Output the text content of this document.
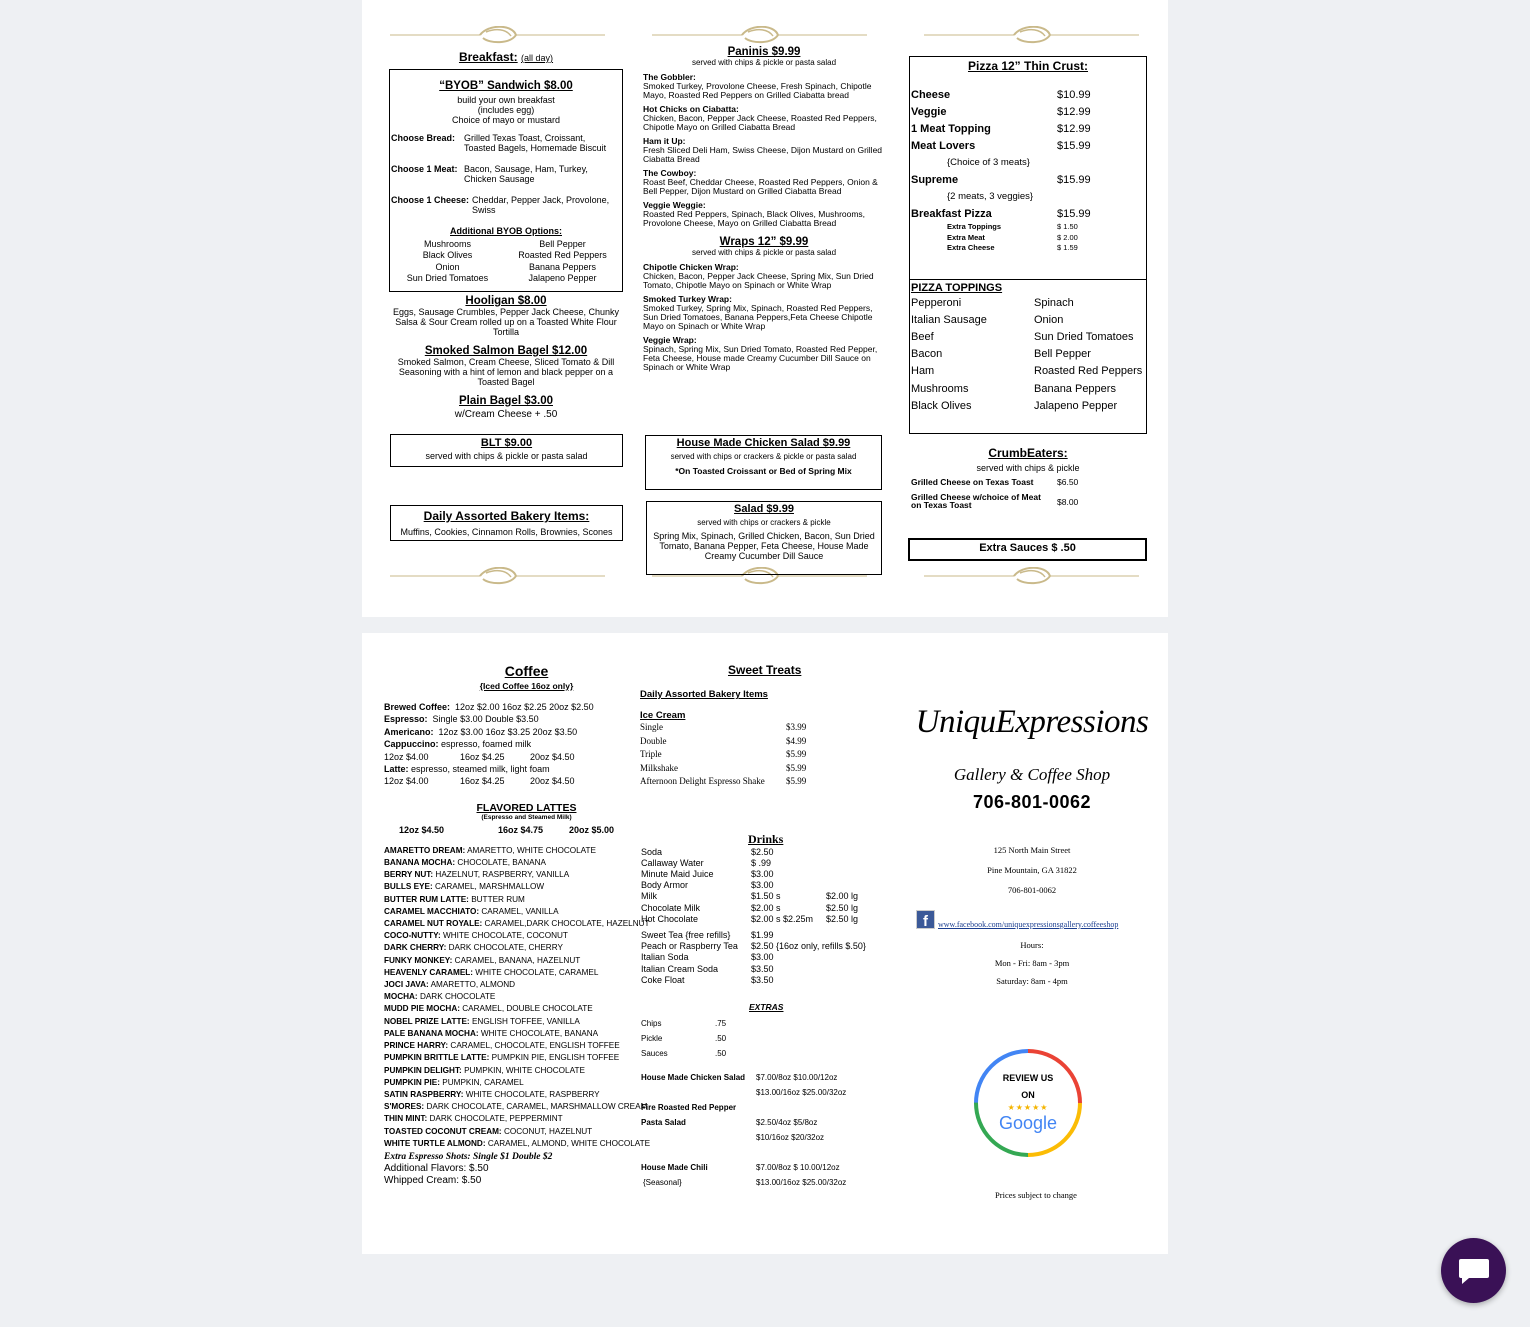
Breakfast: (all day)
“BYOB” Sandwich $8.00
build your own breakfast
(includes egg)
Choice of mayo or mustard
Choose Bread: Grilled Texas Toast, Croissant, Toasted Bagels, Homemade Biscuit
Choose 1 Meat: Bacon, Sausage, Ham, Turkey, Chicken Sausage
Choose 1 Cheese: Cheddar, Pepper Jack, Provolone, Swiss
Additional BYOB Options:
Mushrooms	Bell Pepper
Black Olives	Roasted Red Peppers
Onion	Banana Peppers
Sun Dried Tomatoes	Jalapeno Pepper
Hooligan $8.00
Eggs, Sausage Crumbles, Pepper Jack Cheese, Chunky Salsa & Sour Cream rolled up on a Toasted White Flour Tortilla
Smoked Salmon Bagel $12.00
Smoked Salmon, Cream Cheese, Sliced Tomato & Dill Seasoning with a hint of lemon and black pepper on a Toasted Bagel
Plain Bagel $3.00
w/Cream Cheese + .50
BLT $9.00
served with chips & pickle or pasta salad
Daily Assorted Bakery Items:
Muffins, Cookies, Cinnamon Rolls, Brownies, Scones
Paninis $9.99
served with chips & pickle or pasta salad
The Gobbler:
Smoked Turkey, Provolone Cheese, Fresh Spinach, Chipotle Mayo, Roasted Red Peppers on Grilled Ciabatta bread
Hot Chicks on Ciabatta:
Chicken, Bacon, Pepper Jack Cheese, Roasted Red Peppers, Chipotle Mayo on Grilled Ciabatta Bread
Ham it Up:
Fresh Sliced Deli Ham, Swiss Cheese, Dijon Mustard on Grilled Ciabatta Bread
The Cowboy:
Roast Beef, Cheddar Cheese, Roasted Red Peppers, Onion & Bell Pepper, Dijon Mustard on Grilled Ciabatta Bread
Veggie Weggie:
Roasted Red Peppers, Spinach, Black Olives, Mushrooms, Provolone Cheese, Mayo on Grilled Ciabatta Bread
Wraps 12” $9.99
served with chips & pickle or pasta salad
Chipotle Chicken Wrap:
Chicken, Bacon, Pepper Jack Cheese, Spring Mix, Sun Dried Tomato, Chipotle Mayo on Spinach or White Wrap
Smoked Turkey Wrap:
Smoked Turkey, Spring Mix, Spinach, Roasted Red Peppers, Sun Dried Tomatoes, Banana Peppers,Feta Cheese Chipotle Mayo on Spinach or White Wrap
Veggie Wrap:
Spinach, Spring Mix, Sun Dried Tomato, Roasted Red Pepper, Feta Cheese, House made Creamy Cucumber Dill Sauce on Spinach or White Wrap
House Made Chicken Salad $9.99
served with chips or crackers & pickle or pasta salad
*On Toasted Croissant or Bed of Spring Mix
Salad $9.99
served with chips or crackers & pickle
Spring Mix, Spinach, Grilled Chicken, Bacon, Sun Dried Tomato, Banana Pepper, Feta Cheese, House Made Creamy Cucumber Dill Sauce
Pizza 12” Thin Crust:
Cheese	$10.99
Veggie	$12.99
1 Meat Topping	$12.99
Meat Lovers	$15.99
{Choice of 3 meats}
Supreme	$15.99
{2 meats, 3 veggies}
Breakfast Pizza	$15.99
Extra Toppings	$ 1.50
Extra Meat	$ 2.00
Extra Cheese	$ 1.59
PIZZA TOPPINGS
Pepperoni	Spinach
Italian Sausage	Onion
Beef	Sun Dried Tomatoes
Bacon	Bell Pepper
Ham	Roasted Red Peppers
Mushrooms	Banana Peppers
Black Olives	Jalapeno Pepper
CrumbEaters:
served with chips & pickle
Grilled Cheese on Texas Toast	$6.50
Grilled Cheese w/choice of Meat
on Texas Toast	$8.00
Extra Sauces $ .50
Coffee
{Iced Coffee 16oz only}
Brewed Coffee: 12oz $2.00 16oz $2.25 20oz $2.50
Espresso: Single $3.00 Double $3.50
Americano: 12oz $3.00 16oz $3.25 20oz $3.50
Cappuccino: espresso, foamed milk
12oz $4.00	16oz $4.25	20oz $4.50
Latte: espresso, steamed milk, light foam
12oz $4.00	16oz $4.25	20oz $4.50
FLAVORED LATTES
(Espresso and Steamed Milk)
12oz $4.50	16oz $4.75	20oz $5.00
AMARETTO DREAM: AMARETTO, WHITE CHOCOLATE
BANANA MOCHA: CHOCOLATE, BANANA
BERRY NUT: HAZELNUT, RASPBERRY, VANILLA
BULLS EYE: CARAMEL, MARSHMALLOW
BUTTER RUM LATTE: BUTTER RUM
CARAMEL MACCHIATO: CARAMEL, VANILLA
CARAMEL NUT ROYALE: CARAMEL,DARK CHOCOLATE, HAZELNUT
COCO-NUTTY: WHITE CHOCOLATE, COCONUT
DARK CHERRY: DARK CHOCOLATE, CHERRY
FUNKY MONKEY: CARAMEL, BANANA, HAZELNUT
HEAVENLY CARAMEL: WHITE CHOCOLATE, CARAMEL
JOCI JAVA: AMARETTO, ALMOND
MOCHA: DARK CHOCOLATE
MUDD PIE MOCHA: CARAMEL, DOUBLE CHOCOLATE
NOBEL PRIZE LATTE: ENGLISH TOFFEE, VANILLA
PALE BANANA MOCHA: WHITE CHOCOLATE, BANANA
PRINCE HARRY: CARAMEL, CHOCOLATE, ENGLISH TOFFEE
PUMPKIN BRITTLE LATTE: PUMPKIN PIE, ENGLISH TOFFEE
PUMPKIN DELIGHT: PUMPKIN, WHITE CHOCOLATE
PUMPKIN PIE: PUMPKIN, CARAMEL
SATIN RASPBERRY: WHITE CHOCOLATE, RASPBERRY
S'MORES: DARK CHOCOLATE, CARAMEL, MARSHMALLOW CREAM
THIN MINT: DARK CHOCOLATE, PEPPERMINT
TOASTED COCONUT CREAM: COCONUT, HAZELNUT
WHITE TURTLE ALMOND: CARAMEL, ALMOND, WHITE CHOCOLATE
Extra Espresso Shots: Single $1 Double $2
Additional Flavors: $.50
Whipped Cream: $.50
Sweet Treats
Daily Assorted Bakery Items
Ice Cream
Single	$3.99
Double	$4.99
Triple	$5.99
Milkshake	$5.99
Afternoon Delight Espresso Shake	$5.99
Drinks
Soda	$2.50
Callaway Water	$ .99
Minute Maid Juice	$3.00
Body Armor	$3.00
Milk	$1.50 s	$2.00 lg
Chocolate Milk	$2.00 s	$2.50 lg
Hot Chocolate	$2.00 s $2.25m	$2.50 lg
Sweet Tea {free refills}	$1.99
Peach or Raspberry Tea	$2.50 {16oz only, refills $.50}
Italian Soda	$3.00
Italian Cream Soda	$3.50
Coke Float	$3.50
EXTRAS
Chips	.75
Pickle	.50
Sauces	.50
House Made Chicken Salad	$7.00/8oz $10.00/12oz
$13.00/16oz $25.00/32oz
Fire Roasted Red Pepper
Pasta Salad	$2.50/4oz $5/8oz
$10/16oz $20/32oz
House Made Chili	$7.00/8oz $ 10.00/12oz
{Seasonal}	$13.00/16oz $25.00/32oz
UniquExpressions
Gallery & Coffee Shop
706-801-0062
125 North Main Street
Pine Mountain, GA 31822
706-801-0062
f	www.facebook.com/uniquexpressionsgallery.coffeeshop
Hours:
Mon - Fri: 8am - 3pm
Saturday: 8am - 4pm
REVIEW US
ON
★★★★★
Google
Prices subject to change
